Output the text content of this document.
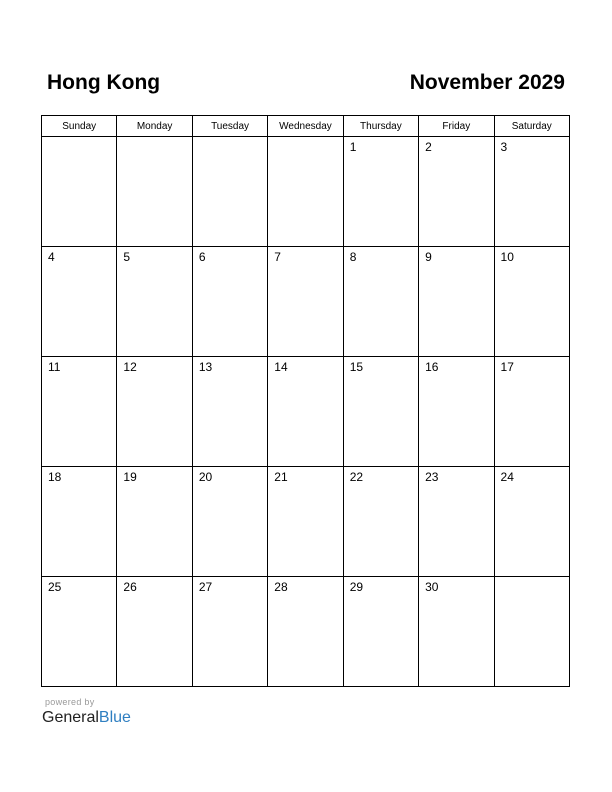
Hong Kong	November 2029
Sunday	Monday	Tuesday	Wednesday	Thursday	Friday	Saturday

				1	2	3

4	5	6	7	8	9	10

11	12	13	14	15	16	17

18	19	20	21	22	23	24

25	26	27	28	29	30	

powered by
GeneralBlue
